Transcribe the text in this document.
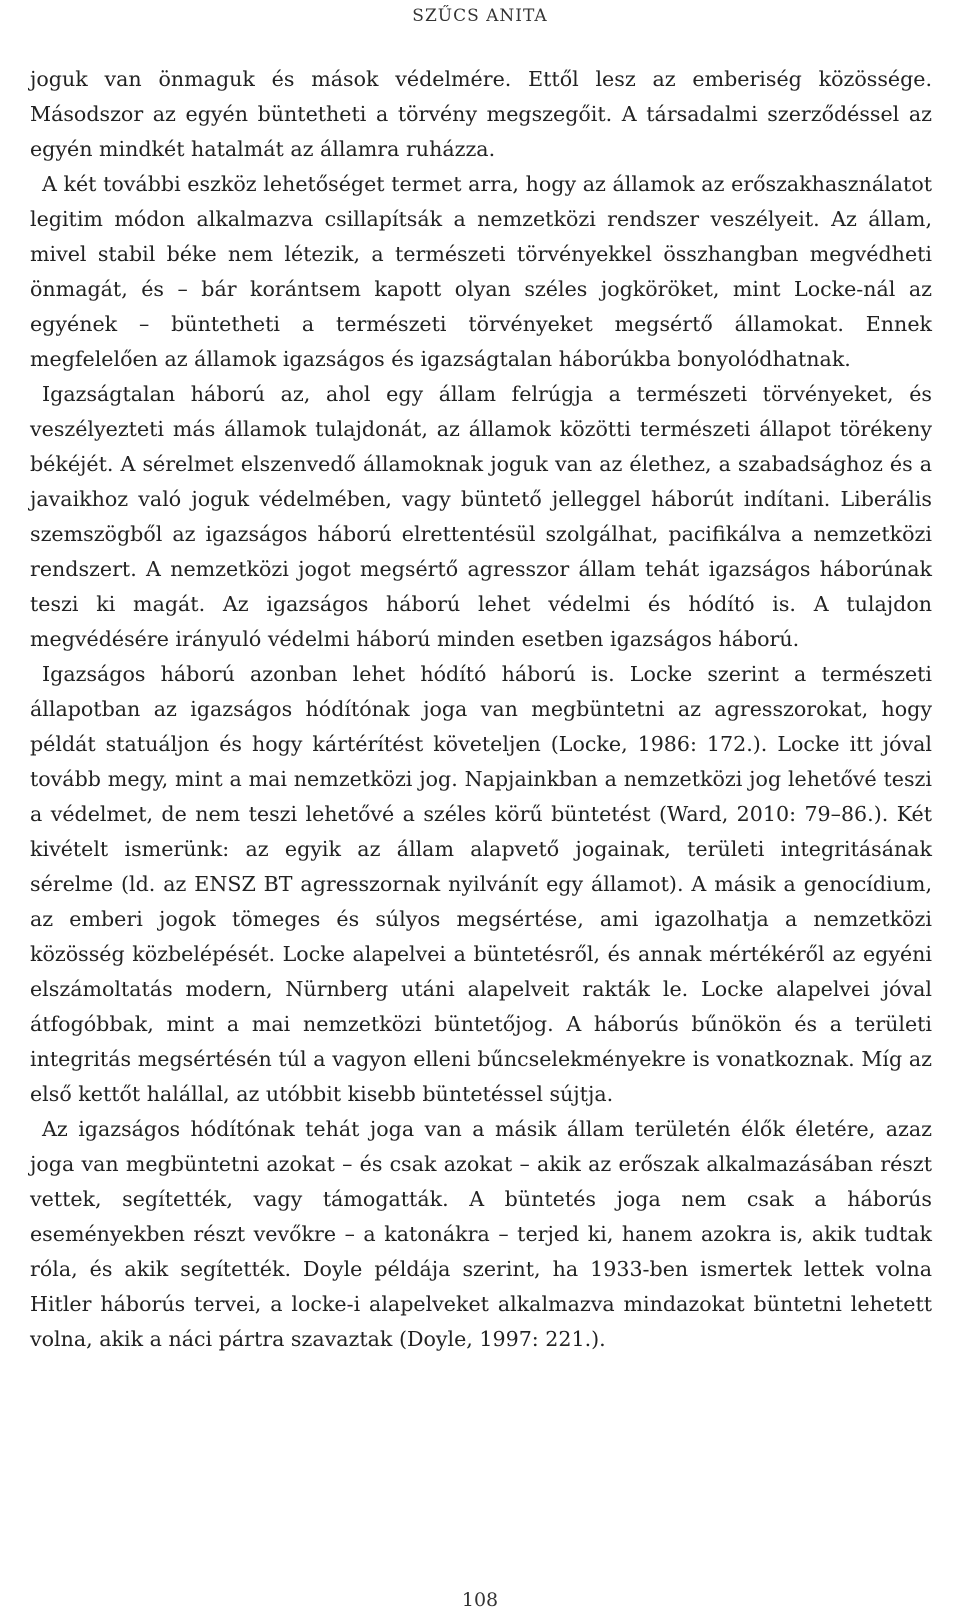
SZŰCS ANITA

joguk van önmaguk és mások védelmére. Ettől lesz az emberiség közössége. Másodszor az egyén büntetheti a törvény megszegőit. A társadalmi szerződéssel az egyén mindkét hatalmát az államra ruházza.

A két további eszköz lehetőséget termet arra, hogy az államok az erőszakhasználatot legitim módon alkalmazva csillapítsák a nemzetközi rendszer veszélyeit. Az állam, mivel stabil béke nem létezik, a természeti törvényekkel összhangban megvédheti önmagát, és – bár korántsem kapott olyan széles jogköröket, mint Locke-nál az egyének – büntetheti a természeti törvényeket megsértő államokat. Ennek megfelelően az államok igazságos és igazságtalan háborúkba bonyolódhatnak.

Igazságtalan háború az, ahol egy állam felrúgja a természeti törvényeket, és veszélyezteti más államok tulajdonát, az államok közötti természeti állapot törékeny békéjét. A sérelmet elszenvedő államoknak joguk van az élethez, a szabadsághoz és a javaikhoz való joguk védelmében, vagy büntető jelleggel háborút indítani. Liberális szemszögből az igazságos háború elrettentésül szolgálhat, pacifikálva a nemzetközi rendszert. A nemzetközi jogot megsértő agresszor állam tehát igazságos háborúnak teszi ki magát. Az igazságos háború lehet védelmi és hódító is. A tulajdon megvédésére irányuló védelmi háború minden esetben igazságos háború.

Igazságos háború azonban lehet hódító háború is. Locke szerint a természeti állapotban az igazságos hódítónak joga van megbüntetni az agresszorokat, hogy példát statuáljon és hogy kártérítést követeljen (Locke, 1986: 172.). Locke itt jóval tovább megy, mint a mai nemzetközi jog. Napjainkban a nemzetközi jog lehetővé teszi a védelmet, de nem teszi lehetővé a széles körű büntetést (Ward, 2010: 79–86.). Két kivételt ismerünk: az egyik az állam alapvető jogainak, területi integritásának sérelme (ld. az ENSZ BT agresszornak nyilvánít egy államot). A másik a genocídium, az emberi jogok tömeges és súlyos megsértése, ami igazolhatja a nemzetközi közösség közbelépését. Locke alapelvei a büntetésről, és annak mértékéről az egyéni elszámoltatás modern, Nürnberg utáni alapelveit rakták le. Locke alapelvei jóval átfogóbbak, mint a mai nemzetközi büntetőjog. A háborús bűnökön és a területi integritás megsértésén túl a vagyon elleni bűncselekményekre is vonatkoznak. Míg az első kettőt halállal, az utóbbit kisebb büntetéssel sújtja.

Az igazságos hódítónak tehát joga van a másik állam területén élők életére, azaz joga van megbüntetni azokat – és csak azokat – akik az erőszak alkalmazásában részt vettek, segítették, vagy támogatták. A büntetés joga nem csak a háborús eseményekben részt vevőkre – a katonákra – terjed ki, hanem azokra is, akik tudtak róla, és akik segítették. Doyle példája szerint, ha 1933-ben ismertek lettek volna Hitler háborús tervei, a locke-i alapelveket alkalmazva mindazokat büntetni lehetett volna, akik a náci pártra szavaztak (Doyle, 1997: 221.).

108
